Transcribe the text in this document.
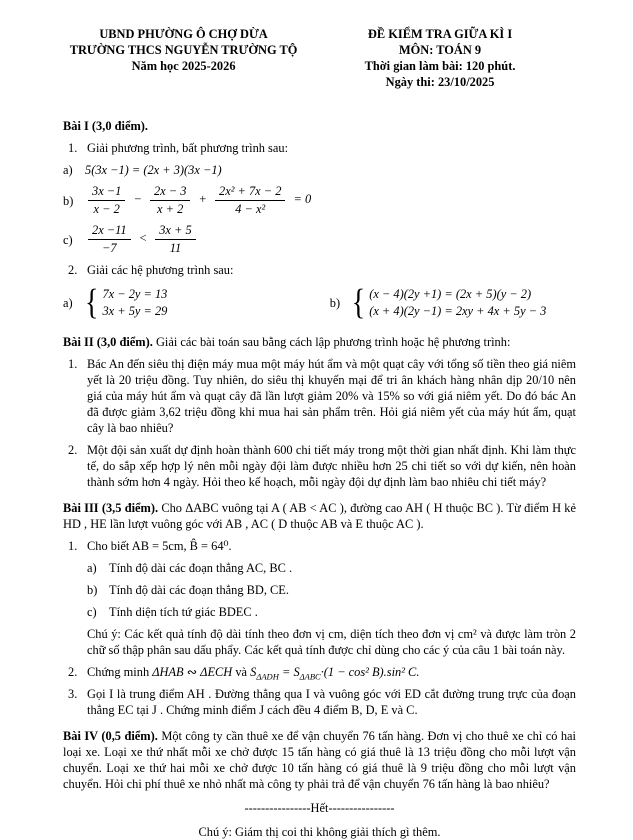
UBND PHƯỜNG Ô CHỢ DỪA
TRƯỜNG THCS NGUYỄN TRƯỜNG TỘ
Năm học 2025-2026
ĐỀ KIỂM TRA GIỮA KÌ I
MÔN: TOÁN 9
Thời gian làm bài: 120 phút.
Ngày thi: 23/10/2025
Bài I (3,0 điểm).
1. Giải phương trình, bất phương trình sau:
a) 5(3x −1) = (2x + 3)(3x −1)
b)	$\frac{3x -1}{x - 2} - \frac{2x - 3}{x + 2} + \frac{\text{2x² + 7x − 2}}{\text{4 − x²}} = 0$
c)	$\frac{2x -11}{-7} < \frac{3x + 5}{11}$
2. Giải các hệ phương trình sau:
a) { 7x − 2y = 13
3x + 5y = 29
b) { (x − 4)(2y +1) = (2x + 5)(y − 2)
(x + 4)(2y −1) = 2xy + 4x + 5y − 3
Bài II (3,0 điểm). Giải các bài toán sau bằng cách lập phương trình hoặc hệ phương trình:
1. Bác An đến siêu thị điện máy mua một máy hút ẩm và một quạt cây với tổng số tiền theo giá niêm yết là 20 triệu đồng. Tuy nhiên, do siêu thị khuyến mại để tri ân khách hàng nhân dịp 20/10 nên giá của máy hút ẩm và quạt cây đã lần lượt giảm 20% và 15% so với giá niêm yết. Do đó bác An đã được giảm 3,62 triệu đồng khi mua hai sản phẩm trên. Hỏi giá niêm yết của máy hút ẩm, quạt cây là bao nhiêu?
2. Một đội sản xuất dự định hoàn thành 600 chi tiết máy trong một thời gian nhất định. Khi làm thực tế, do sắp xếp hợp lý nên mỗi ngày đội làm được nhiều hơn 25 chi tiết so với dự kiến, nên hoàn thành sớm hơn 4 ngày. Hỏi theo kế hoạch, mỗi ngày đội dự định làm bao nhiêu chi tiết máy?
Bài III (3,5 điểm). Cho ΔABC vuông tại A ( AB < AC ), đường cao AH ( H thuộc BC ). Từ điểm H kẻ HD , HE lần lượt vuông góc với AB , AC ( D thuộc AB và E thuộc AC ).
1. Cho biết AB = 5cm, B̂ = 64⁰.
a) Tính độ dài các đoạn thẳng AC, BC .
b) Tính độ dài các đoạn thẳng BD, CE.
c) Tính diện tích tứ giác BDEC .
Chú ý: Các kết quả tính độ dài tính theo đơn vị cm, diện tích theo đơn vị cm² và được làm tròn 2 chữ số thập phân sau dấu phẩy. Các kết quả tính được chỉ dùng cho các ý của câu 1 bài toán này.
2. Chứng minh ΔHAB ∾ ΔECH và $S_{\Delta ADH} = S_{\Delta ABC}\cdot(1 - \cos^2$ B).sin² C.
3. Gọi I là trung điểm AH . Đường thẳng qua I và vuông góc với ED cắt đường trung trực của đoạn thẳng EC tại J . Chứng minh điểm J cách đều 4 điểm B, D, E và C.
Bài IV (0,5 điểm). Một công ty cần thuê xe để vận chuyển 76 tấn hàng. Đơn vị cho thuê xe chỉ có hai loại xe. Loại xe thứ nhất mỗi xe chở được 15 tấn hàng có giá thuê là 13 triệu đồng cho mỗi lượt vận chuyển. Loại xe thứ hai mỗi xe chở được 10 tấn hàng có giá thuê là 9 triệu đồng cho mỗi lượt vận chuyển. Hỏi chi phí thuê xe nhỏ nhất mà công ty phải trả để vận chuyển 76 tấn hàng là bao nhiêu?
----------------Hết----------------
Chú ý: Giám thị coi thi không giải thích gì thêm.
